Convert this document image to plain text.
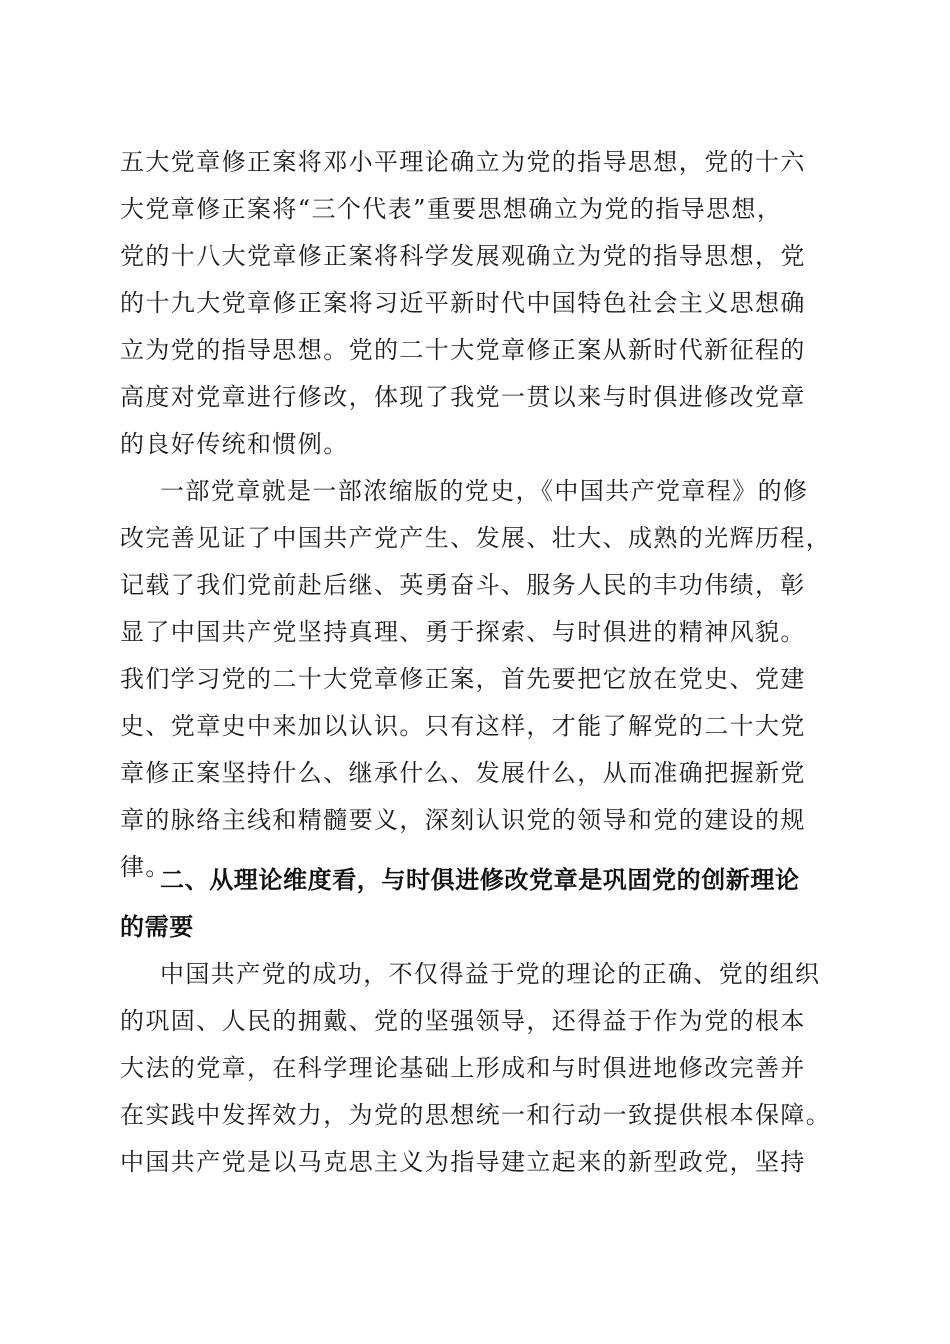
五大党章修正案将邓小平理论确立为党的指导思想，党的十六
大党章修正案将“三个代表”重要思想确立为党的指导思想，
党的十八大党章修正案将科学发展观确立为党的指导思想，党
的十九大党章修正案将习近平新时代中国特色社会主义思想确
立为党的指导思想。党的二十大党章修正案从新时代新征程的
高度对党章进行修改，体现了我党一贯以来与时俱进修改党章
的良好传统和惯例。
一部党章就是一部浓缩版的党史，《中国共产党章程》的修
改完善见证了中国共产党产生、发展、壮大、成熟的光辉历程，
记载了我们党前赴后继、英勇奋斗、服务人民的丰功伟绩，彰
显了中国共产党坚持真理、勇于探索、与时俱进的精神风貌。
我们学习党的二十大党章修正案，首先要把它放在党史、党建
史、党章史中来加以认识。只有这样，才能了解党的二十大党
章修正案坚持什么、继承什么、发展什么，从而准确把握新党
章的脉络主线和精髓要义，深刻认识党的领导和党的建设的规
律。
二、从理论维度看，与时俱进修改党章是巩固党的创新理论
的需要
中国共产党的成功，不仅得益于党的理论的正确、党的组织
的巩固、人民的拥戴、党的坚强领导，还得益于作为党的根本
大法的党章，在科学理论基础上形成和与时俱进地修改完善并
在实践中发挥效力，为党的思想统一和行动一致提供根本保障。
中国共产党是以马克思主义为指导建立起来的新型政党，坚持
